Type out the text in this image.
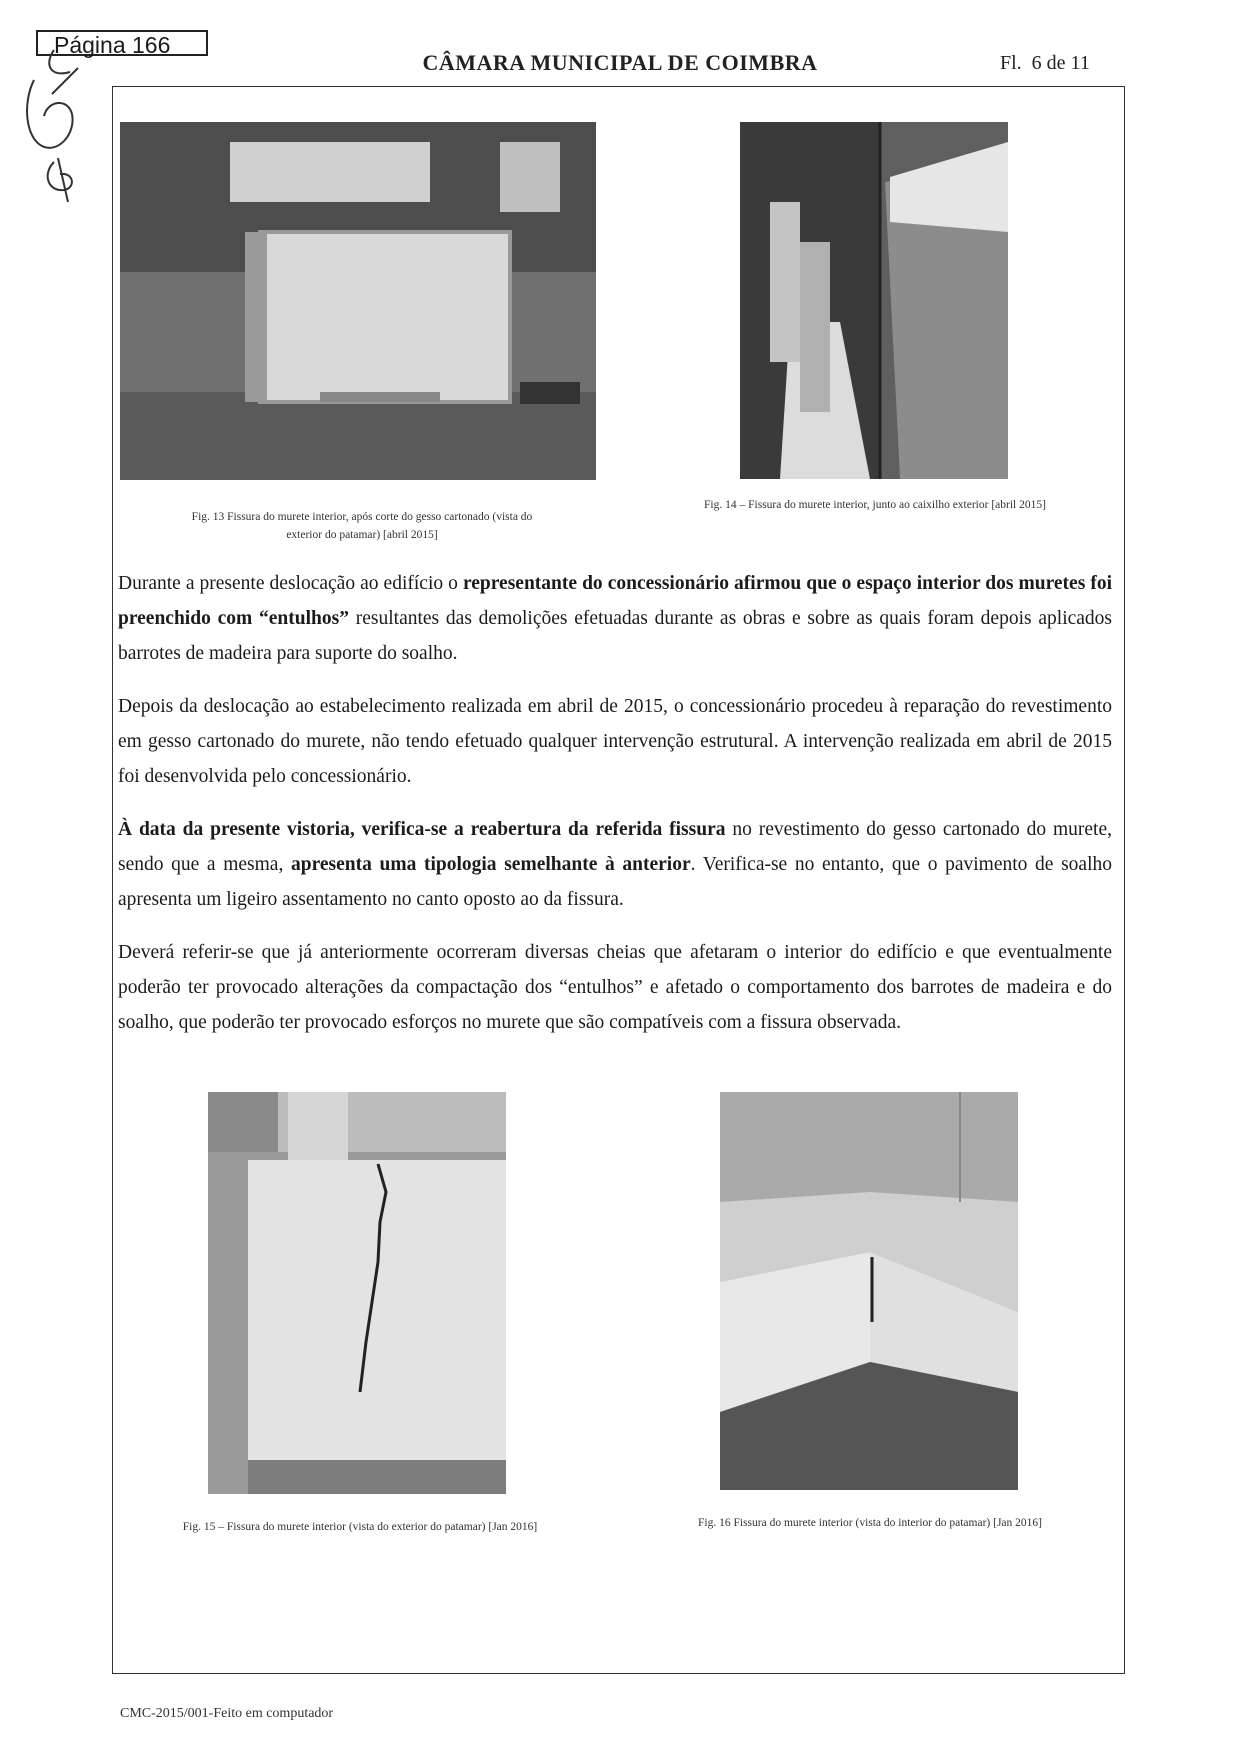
Página 166
CÂMARA MUNICIPAL DE COIMBRA	Fl.  6 de 11
Fig. 13 Fissura do murete interior, após corte do gesso cartonado (vista do
exterior do patamar) [abril 2015]
Fig. 14 – Fissura do murete interior, junto ao caixilho exterior [abril 2015]

Durante a presente deslocação ao edifício o representante do concessionário afirmou que o espaço interior dos muretes foi preenchido com “entulhos” resultantes das demolições efetuadas durante as obras e sobre as quais foram depois aplicados barrotes de madeira para suporte do soalho.

Depois da deslocação ao estabelecimento realizada em abril de 2015, o concessionário procedeu à reparação do revestimento em gesso cartonado do murete, não tendo efetuado qualquer intervenção estrutural. A intervenção realizada em abril de 2015 foi desenvolvida pelo concessionário.

À data da presente vistoria, verifica-se a reabertura da referida fissura no revestimento do gesso cartonado do murete, sendo que a mesma, apresenta uma tipologia semelhante à anterior. Verifica-se no entanto, que o pavimento de soalho apresenta um ligeiro assentamento no canto oposto ao da fissura.

Deverá referir-se que já anteriormente ocorreram diversas cheias que afetaram o interior do edifício e que eventualmente poderão ter provocado alterações da compactação dos “entulhos” e afetado o comportamento dos barrotes de madeira e do soalho, que poderão ter provocado esforços no murete que são compatíveis com a fissura observada.

Fig. 15 – Fissura do murete interior (vista do exterior do patamar) [Jan 2016]	Fig. 16 Fissura do murete interior (vista do interior do patamar) [Jan 2016]
CMC-2015/001-Feito em computador
